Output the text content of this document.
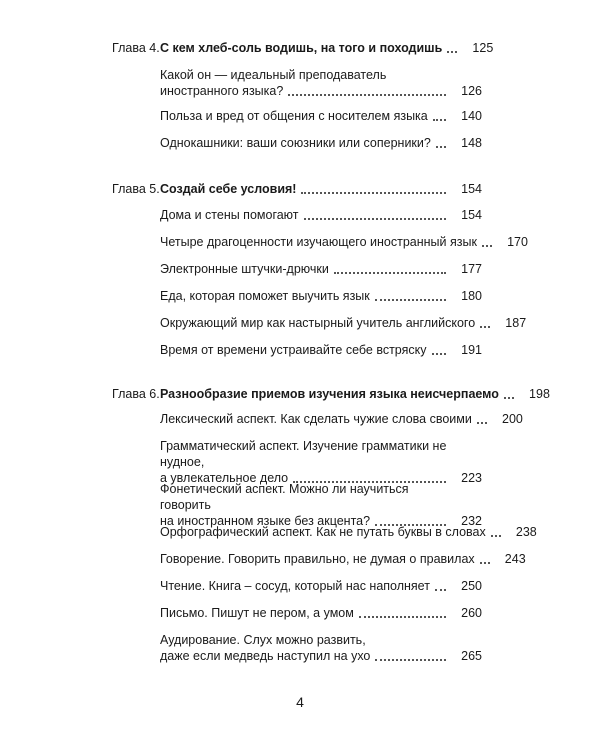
Глава 4. С кем хлеб-соль водишь, на того и походишь	125
Какой он — идеальный преподаватель
иностранного языка?	126
Польза и вред от общения с носителем языка	140
Однокашники: ваши союзники или соперники?	148
Глава 5. Создай себе условия!	154
Дома и стены помогают	154
Четыре драгоценности изучающего иностранный язык	170
Электронные штучки-дрючки	177
Еда, которая поможет выучить язык	180
Окружающий мир как настырный учитель английского	187
Время от времени устраивайте себе встряску	191
Глава 6. Разнообразие приемов изучения языка неисчерпаемо	198
Лексический аспект. Как сделать чужие слова своими	200
Грамматический аспект. Изучение грамматики не нудное,
а увлекательное дело	223
Фонетический аспект. Можно ли научиться говорить
на иностранном языке без акцента?	232
Орфографический аспект. Как не путать буквы в словах	238
Говорение. Говорить правильно, не думая о правилах	243
Чтение. Книга – сосуд, который нас наполняет	250
Письмо. Пишут не пером, а умом	260
Аудирование. Слух можно развить,
даже если медведь наступил на ухо	265
4
